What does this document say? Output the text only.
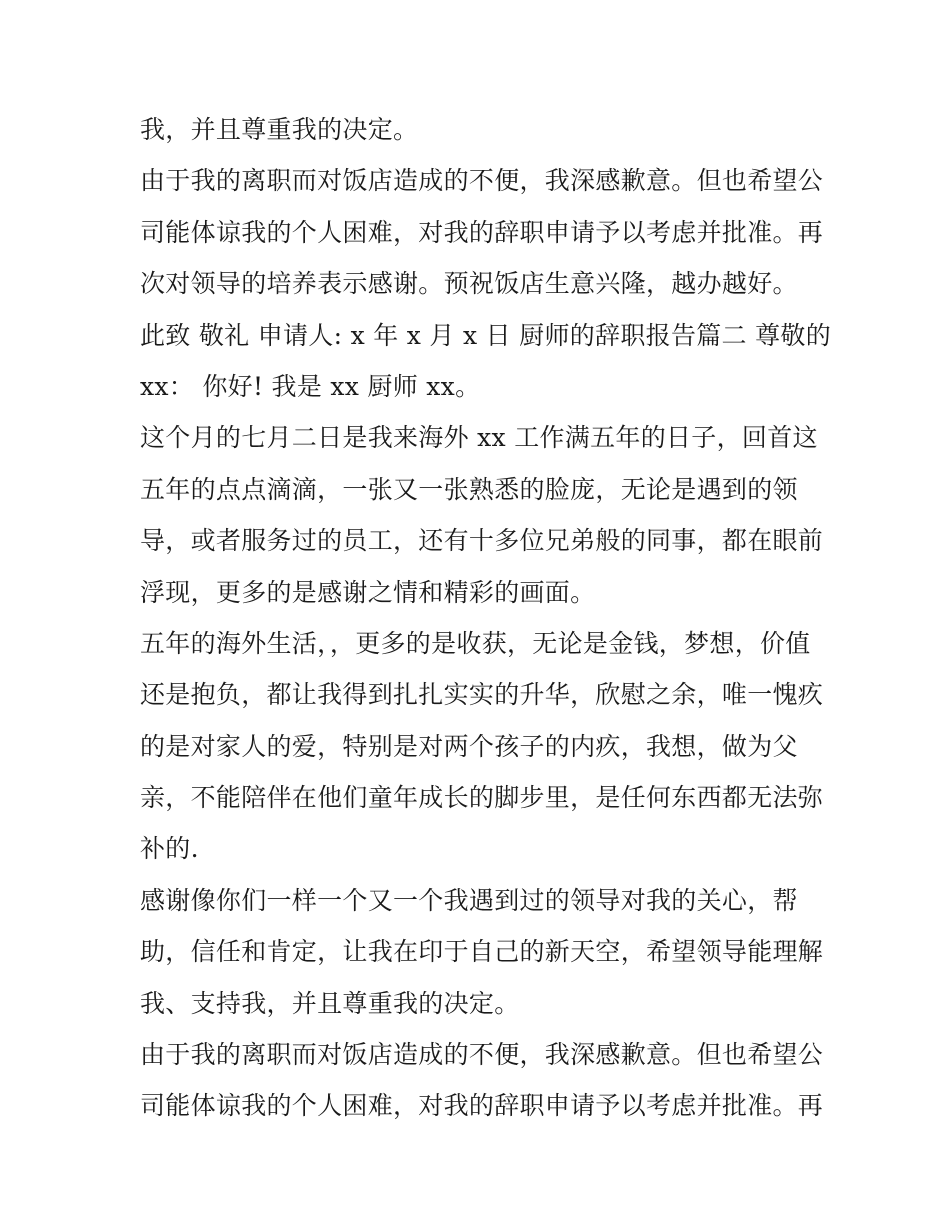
我，并且尊重我的决定。

由于我的离职而对饭店造成的不便，我深感歉意。但也希望公
司能体谅我的个人困难，对我的辞职申请予以考虑并批准。再
次对领导的培养表示感谢。预祝饭店生意兴隆，越办越好。

此致 敬礼 申请人: x 年 x 月 x 日 厨师的辞职报告篇二 尊敬的

xx： 你好! 我是 xx 厨师 xx。

这个月的七月二日是我来海外 xx 工作满五年的日子，回首这
五年的点点滴滴，一张又一张熟悉的脸庞，无论是遇到的领
导，或者服务过的员工，还有十多位兄弟般的同事，都在眼前
浮现，更多的是感谢之情和精彩的画面。

五年的海外生活，，更多的是收获，无论是金钱，梦想，价值
还是抱负，都让我得到扎扎实实的升华，欣慰之余，唯一愧疚
的是对家人的爱，特别是对两个孩子的内疚，我想，做为父
亲，不能陪伴在他们童年成长的脚步里，是任何东西都无法弥
补的.

感谢像你们一样一个又一个我遇到过的领导对我的关心，帮
助，信任和肯定，让我在印于自己的新天空，希望领导能理解
我、支持我，并且尊重我的决定。

由于我的离职而对饭店造成的不便，我深感歉意。但也希望公
司能体谅我的个人困难，对我的辞职申请予以考虑并批准。再
